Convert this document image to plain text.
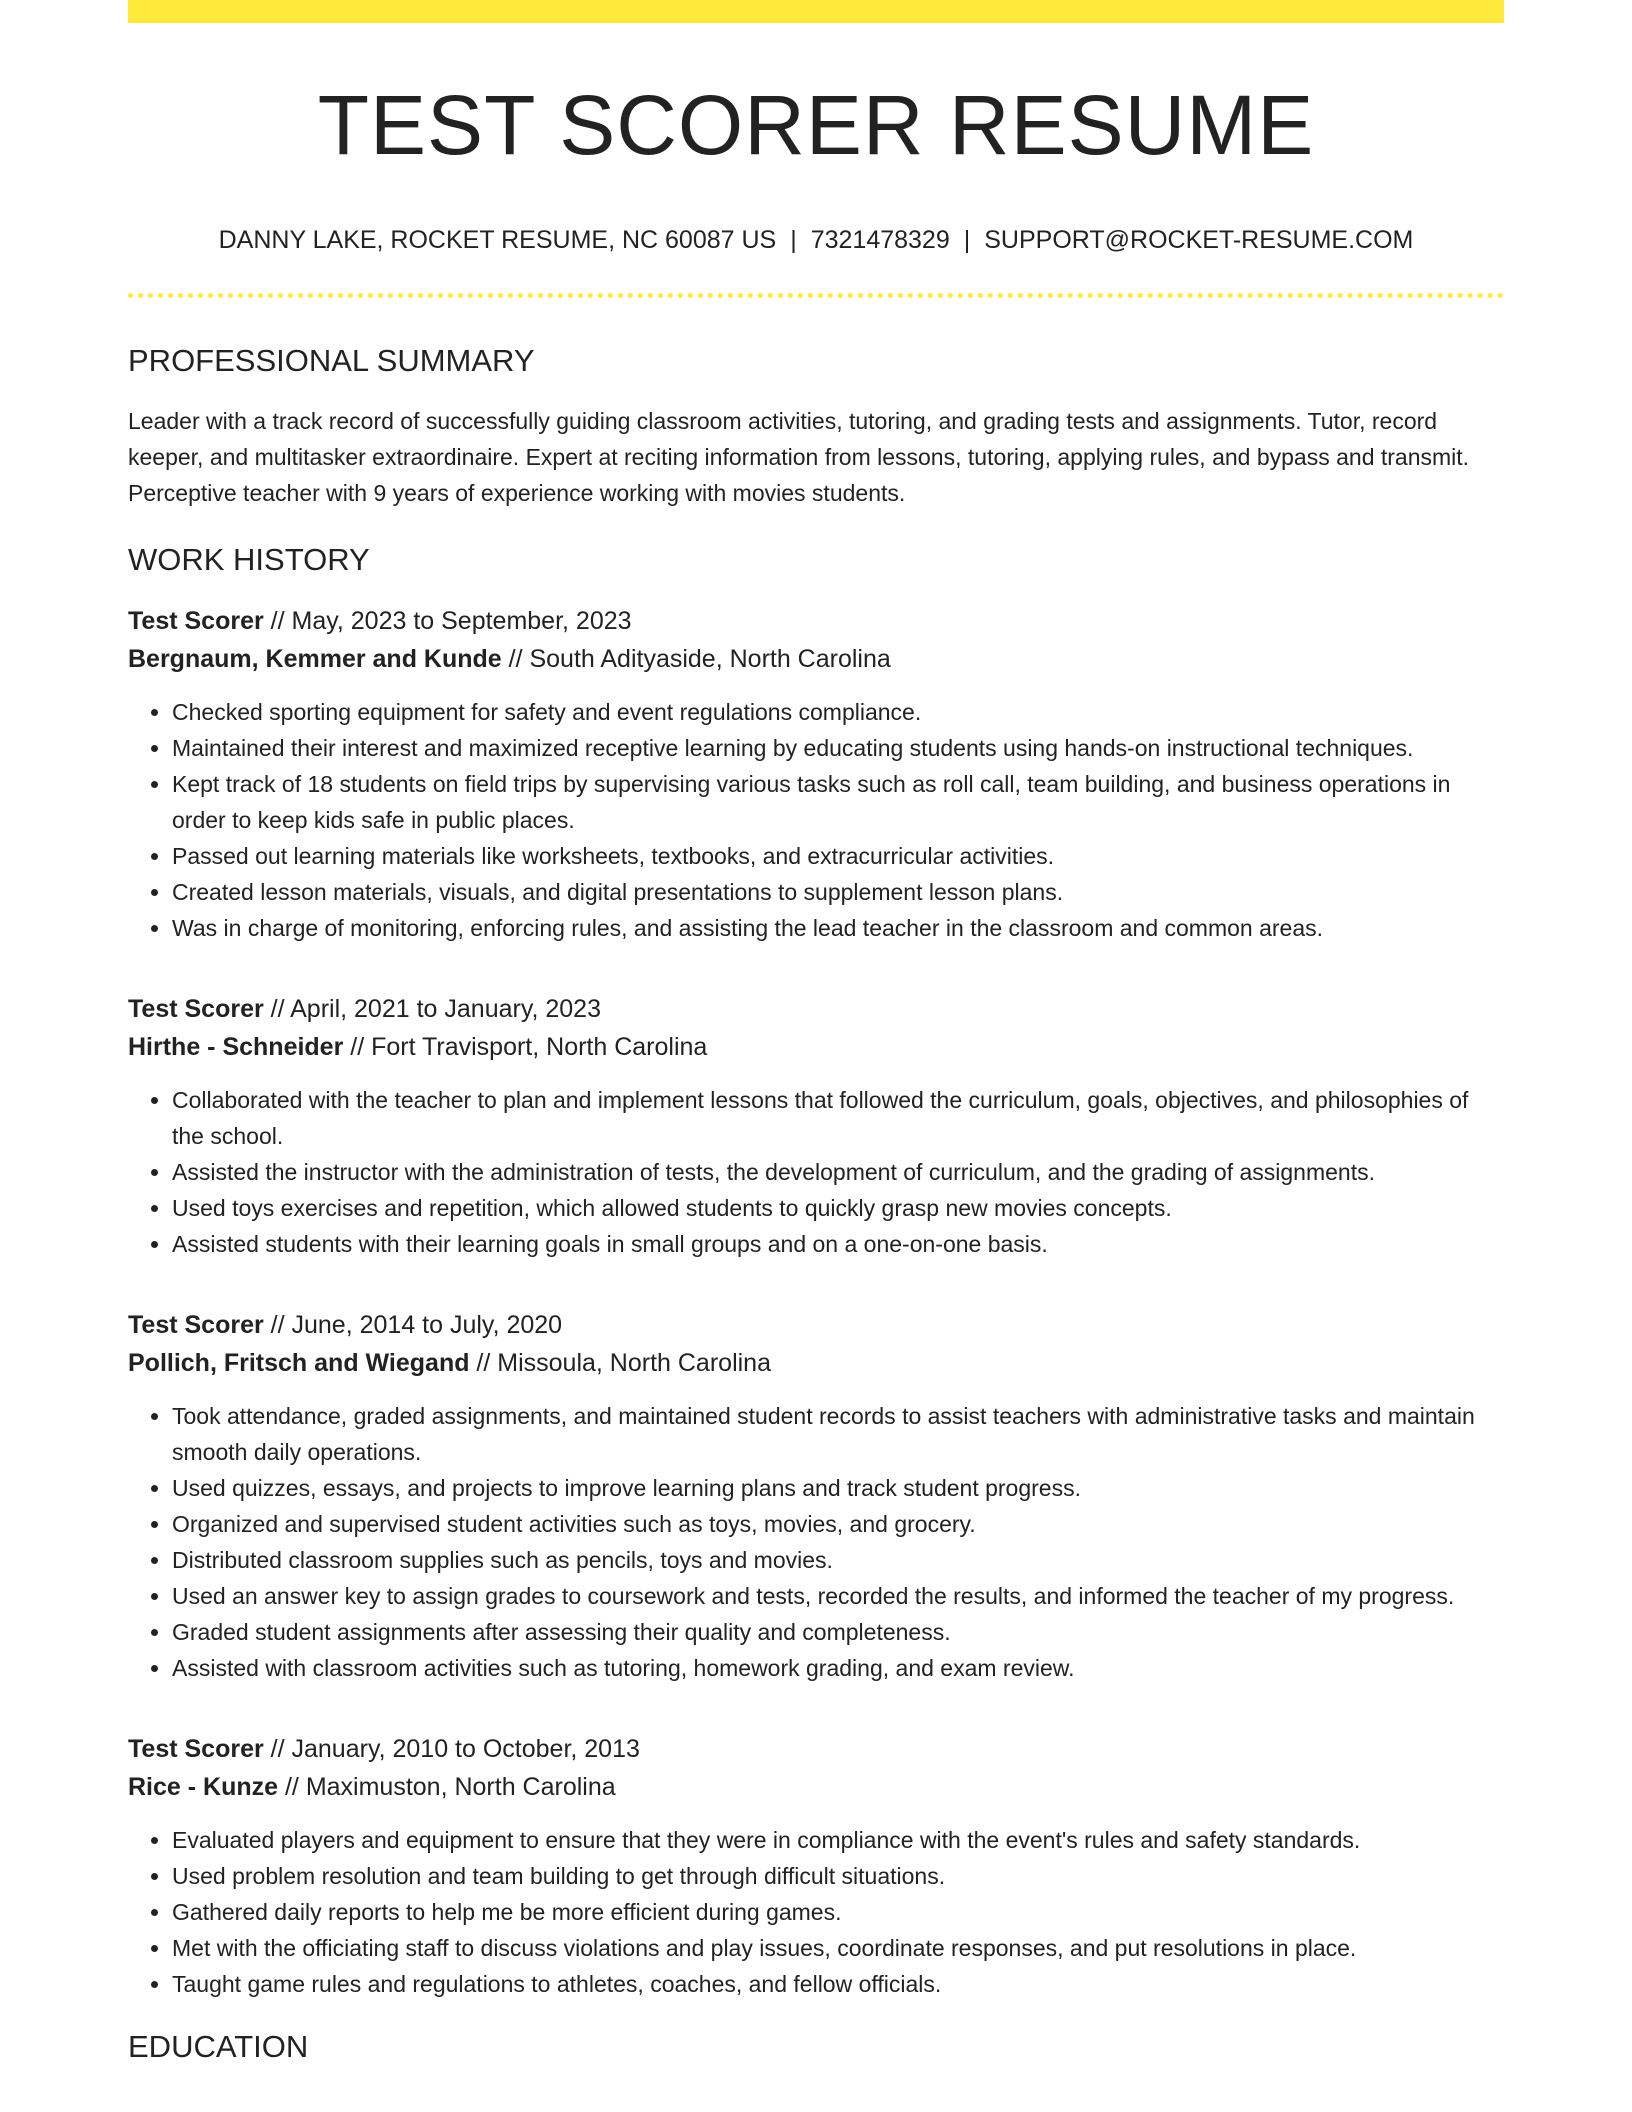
TEST SCORER RESUME
DANNY LAKE, ROCKET RESUME, NC 60087 US | 7321478329 | SUPPORT@ROCKET-RESUME.COM
PROFESSIONAL SUMMARY

Leader with a track record of successfully guiding classroom activities, tutoring, and grading tests and assignments. Tutor, record keeper, and multitasker extraordinaire. Expert at reciting information from lessons, tutoring, applying rules, and bypass and transmit. Perceptive teacher with 9 years of experience working with movies students.

WORK HISTORY
Test Scorer // May, 2023 to September, 2023
Bergnaum, Kemmer and Kunde // South Adityaside, North Carolina
• Checked sporting equipment for safety and event regulations compliance.
• Maintained their interest and maximized receptive learning by educating students using hands-on instructional techniques.
• Kept track of 18 students on field trips by supervising various tasks such as roll call, team building, and business operations in order to keep kids safe in public places.
• Passed out learning materials like worksheets, textbooks, and extracurricular activities.
• Created lesson materials, visuals, and digital presentations to supplement lesson plans.
• Was in charge of monitoring, enforcing rules, and assisting the lead teacher in the classroom and common areas.
Test Scorer // April, 2021 to January, 2023
Hirthe - Schneider // Fort Travisport, North Carolina
• Collaborated with the teacher to plan and implement lessons that followed the curriculum, goals, objectives, and philosophies of the school.
• Assisted the instructor with the administration of tests, the development of curriculum, and the grading of assignments.
• Used toys exercises and repetition, which allowed students to quickly grasp new movies concepts.
• Assisted students with their learning goals in small groups and on a one-on-one basis.
Test Scorer // June, 2014 to July, 2020
Pollich, Fritsch and Wiegand // Missoula, North Carolina
• Took attendance, graded assignments, and maintained student records to assist teachers with administrative tasks and maintain smooth daily operations.
• Used quizzes, essays, and projects to improve learning plans and track student progress.
• Organized and supervised student activities such as toys, movies, and grocery.
• Distributed classroom supplies such as pencils, toys and movies.
• Used an answer key to assign grades to coursework and tests, recorded the results, and informed the teacher of my progress.
• Graded student assignments after assessing their quality and completeness.
• Assisted with classroom activities such as tutoring, homework grading, and exam review.
Test Scorer // January, 2010 to October, 2013
Rice - Kunze // Maximuston, North Carolina
• Evaluated players and equipment to ensure that they were in compliance with the event's rules and safety standards.
• Used problem resolution and team building to get through difficult situations.
• Gathered daily reports to help me be more efficient during games.
• Met with the officiating staff to discuss violations and play issues, coordinate responses, and put resolutions in place.
• Taught game rules and regulations to athletes, coaches, and fellow officials.
EDUCATION
